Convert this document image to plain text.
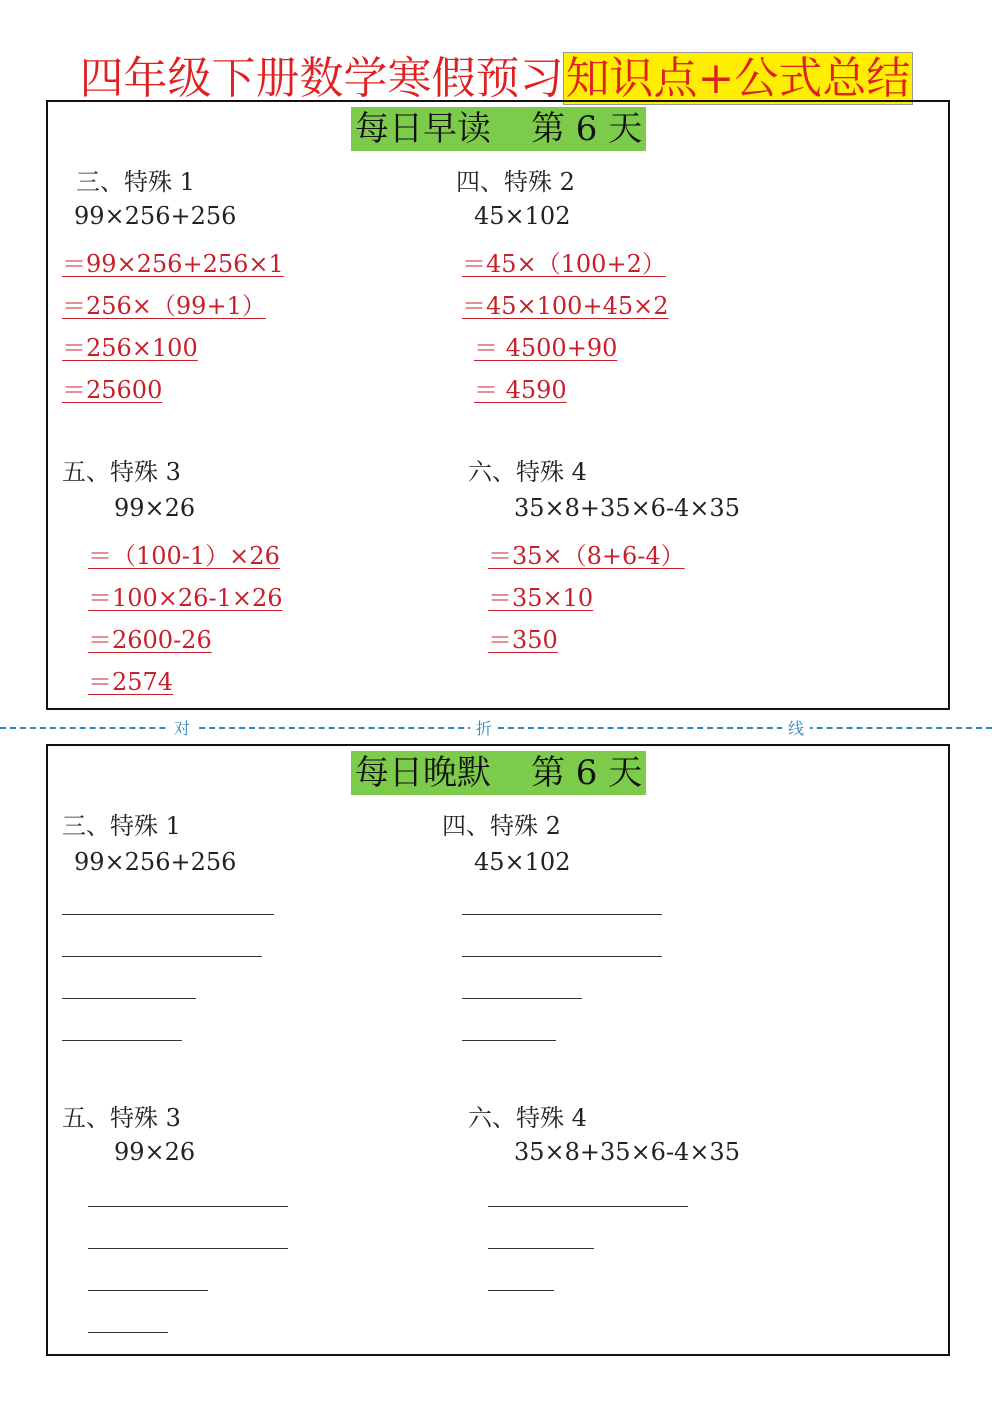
四年级下册数学寒假预习知识点+公式总结
每日早读 第 6 天
三、特殊 1
99×256+256
＝99×256+256×1
＝256×（99+1）
＝256×100
＝25600
四、特殊 2
45×102
＝45×（100+2）
＝45×100+45×2
＝ 4500+90
＝ 4590
五、特殊 3
99×26
＝（100-1）×26
＝100×26-1×26
＝2600-26
＝2574
六、特殊 4
35×8+35×6-4×35
＝35×（8+6-4）
＝35×10
＝350
对	折	线
每日晚默 第 6 天
三、特殊 1
99×256+256
四、特殊 2
45×102
五、特殊 3
99×26
六、特殊 4
35×8+35×6-4×35
